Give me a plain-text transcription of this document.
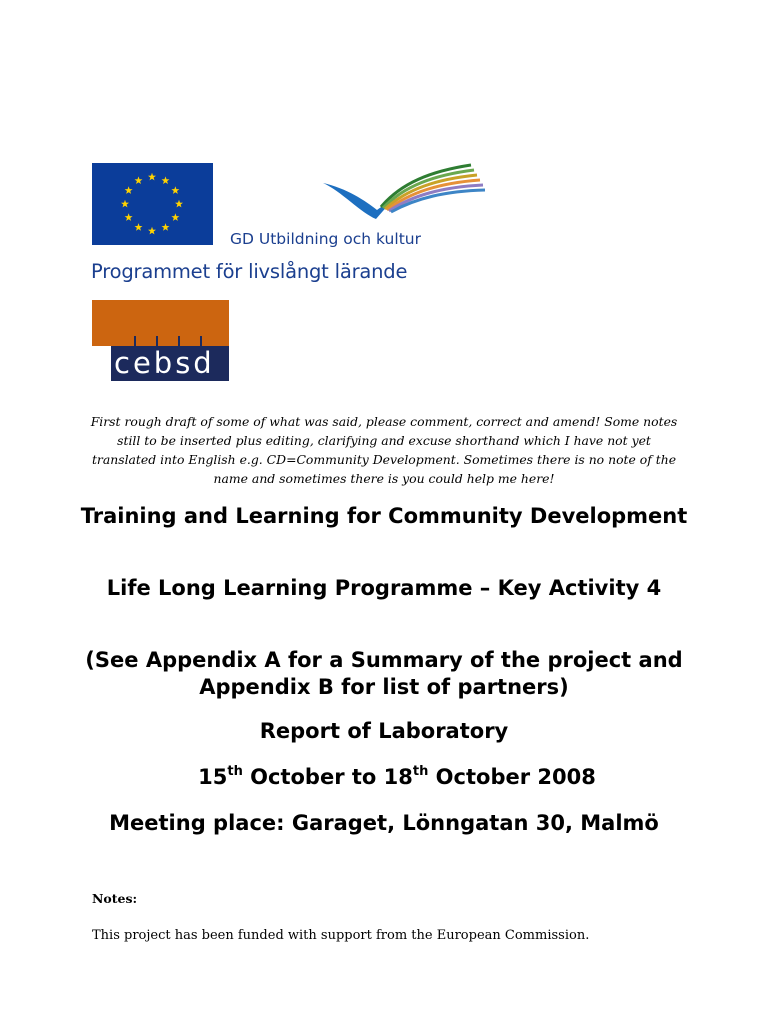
GD Utbildning och kultur
Programmet för livslångt lärande
cebsd

First rough draft of some of what was said, please comment, correct and amend! Some notes still to be inserted plus editing, clarifying and excuse shorthand which I have not yet translated into English e.g. CD=Community Development. Sometimes there is no note of the name and sometimes there is you could help me here!

Training and Learning for Community Development
Life Long Learning Programme – Key Activity 4
(See Appendix A for a Summary of the project and Appendix B for list of partners)
Report of Laboratory
15th October to 18th October 2008
Meeting place: Garaget, Lönngatan 30, Malmö

Notes:

This project has been funded with support from the European Commission.
